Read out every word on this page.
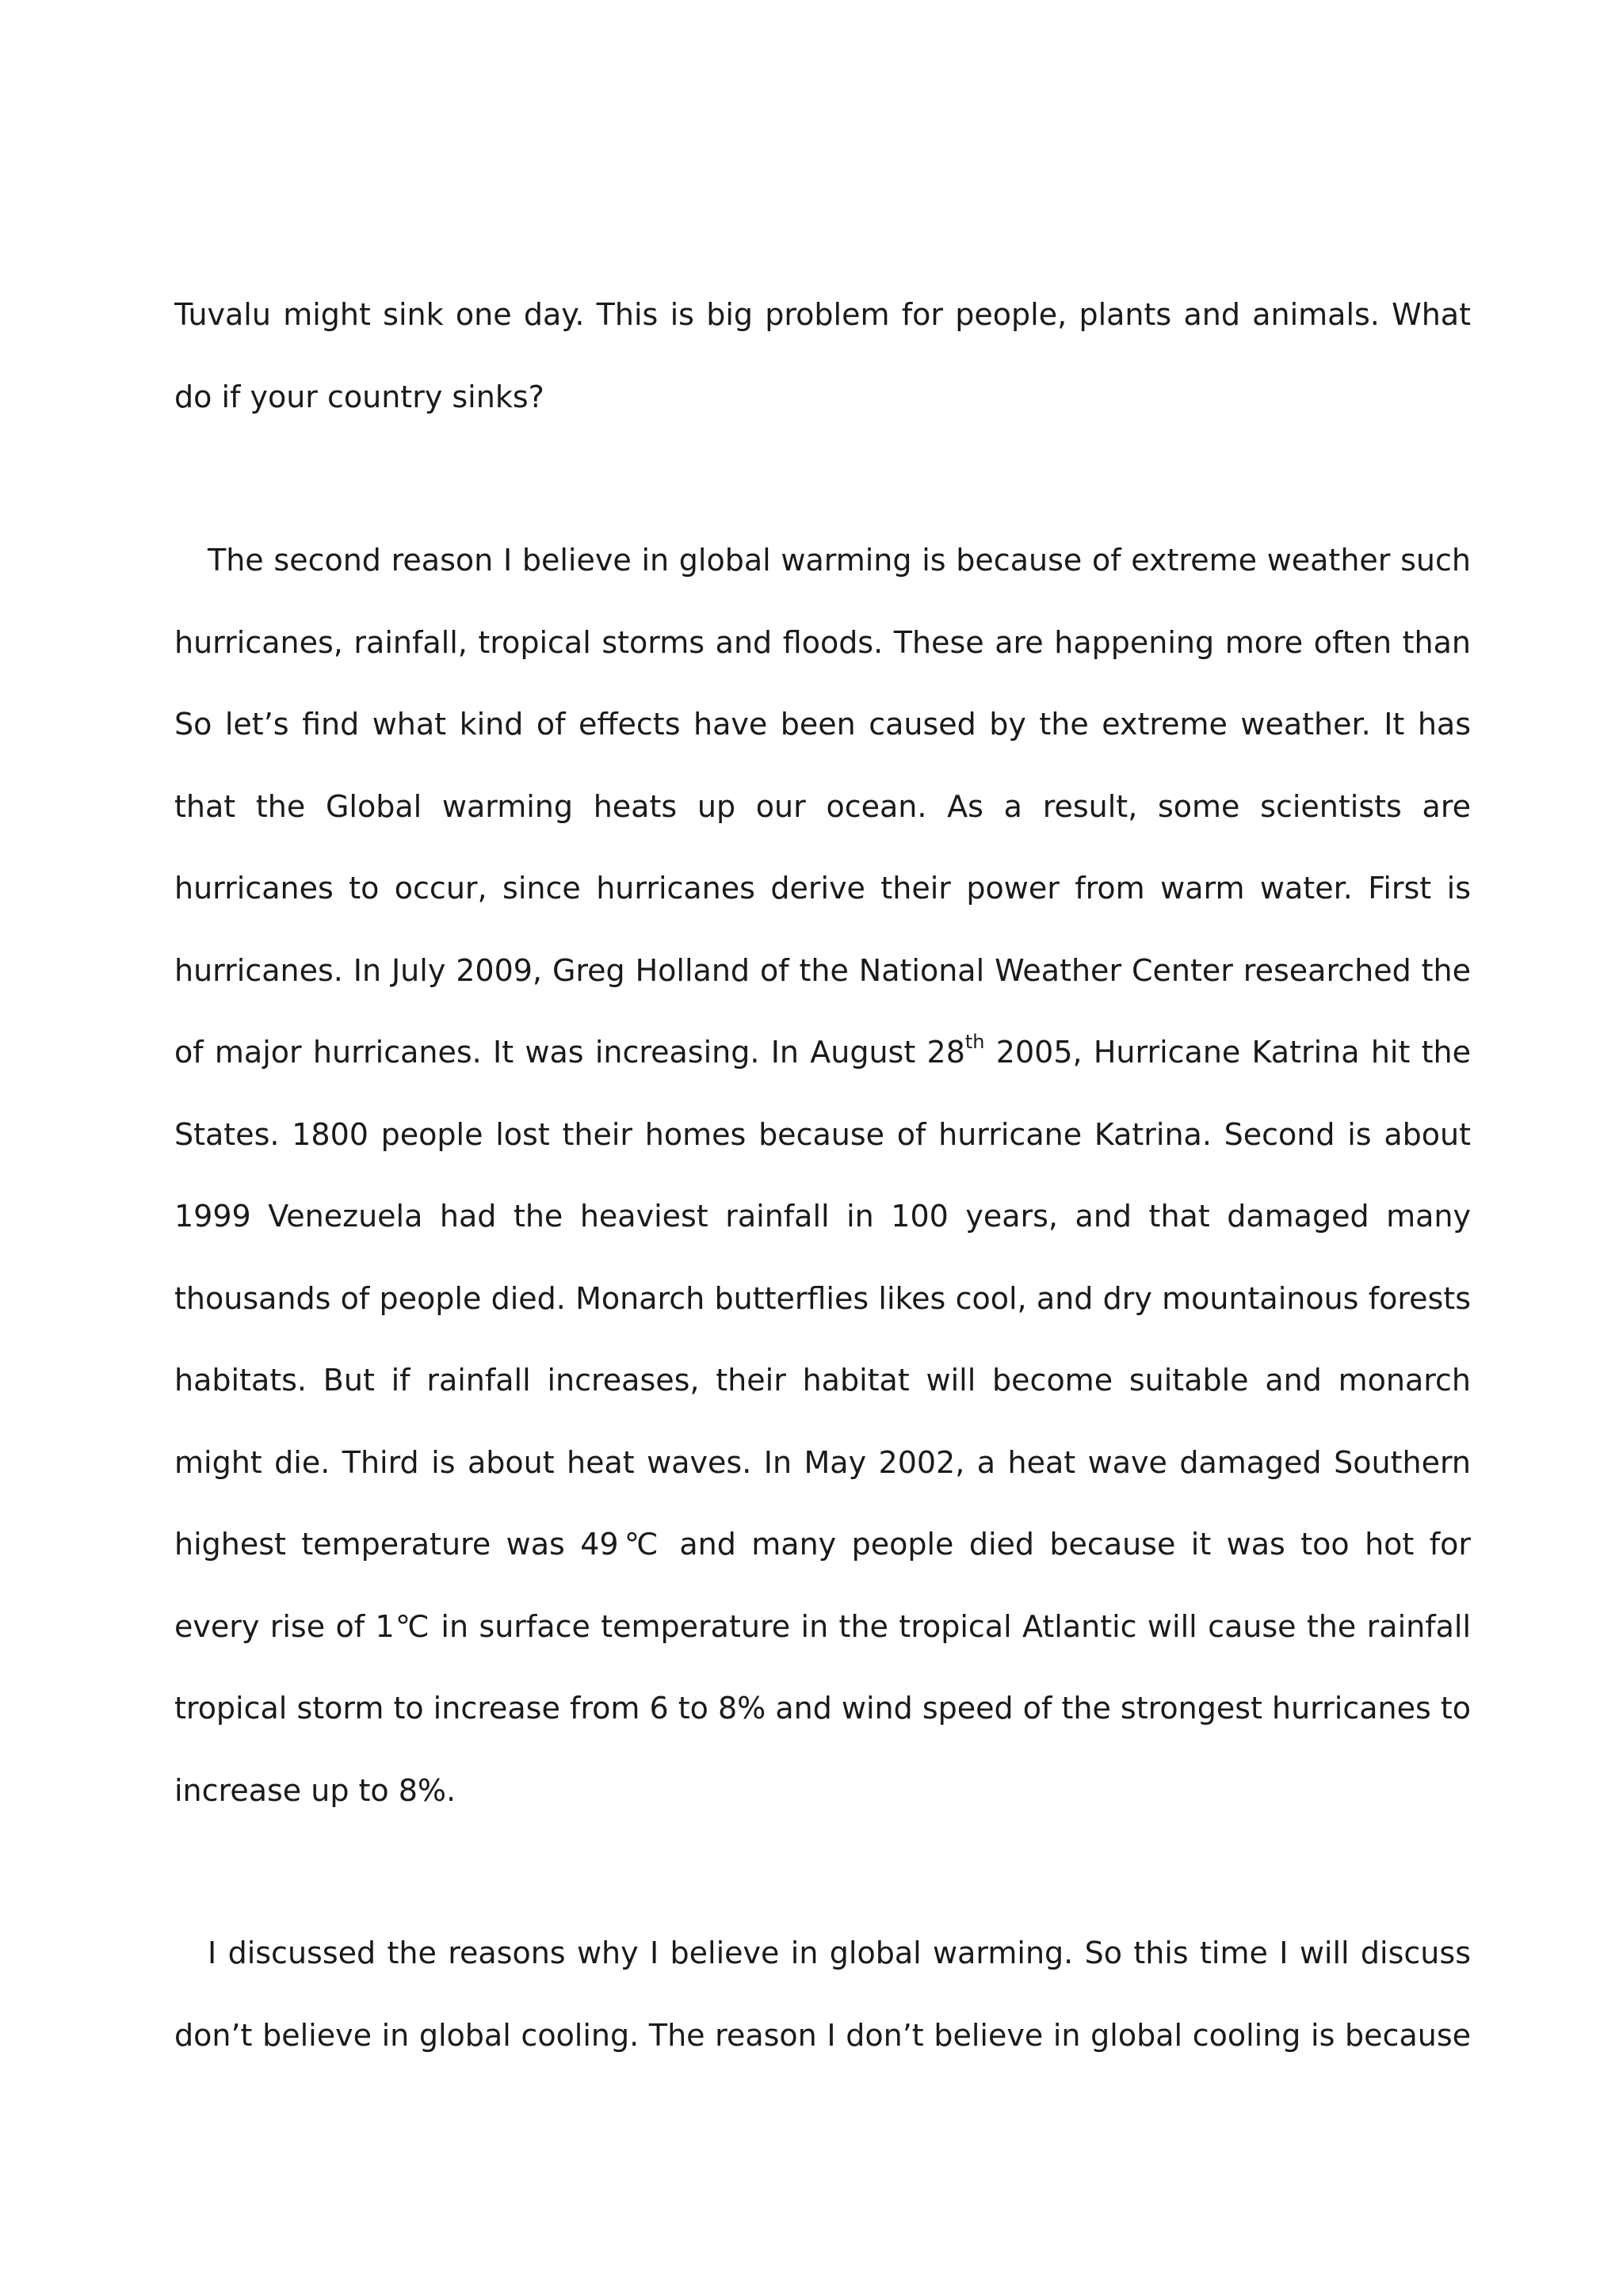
Tuvalu might sink one day. This is big problem for people, plants and animals. What
do if your country sinks?
The second reason I believe in global warming is because of extreme weather such
hurricanes, rainfall, tropical storms and floods. These are happening more often than
So let’s find what kind of effects have been caused by the extreme weather. It has
that the Global warming heats up our ocean. As a result, some scientists are
hurricanes to occur, since hurricanes derive their power from warm water. First is
hurricanes. In July 2009, Greg Holland of the National Weather Center researched the
of major hurricanes. It was increasing. In August 28th 2005, Hurricane Katrina hit the
States. 1800 people lost their homes because of hurricane Katrina. Second is about
1999 Venezuela had the heaviest rainfall in 100 years, and that damaged many
thousands of people died. Monarch butterflies likes cool, and dry mountainous forests
habitats. But if rainfall increases, their habitat will become suitable and monarch
might die. Third is about heat waves. In May 2002, a heat wave damaged Southern
highest temperature was 49℃ and many people died because it was too hot for
every rise of 1℃ in surface temperature in the tropical Atlantic will cause the rainfall
tropical storm to increase from 6 to 8% and wind speed of the strongest hurricanes to
increase up to 8%.
I discussed the reasons why I believe in global warming. So this time I will discuss
don’t believe in global cooling. The reason I don’t believe in global cooling is because
